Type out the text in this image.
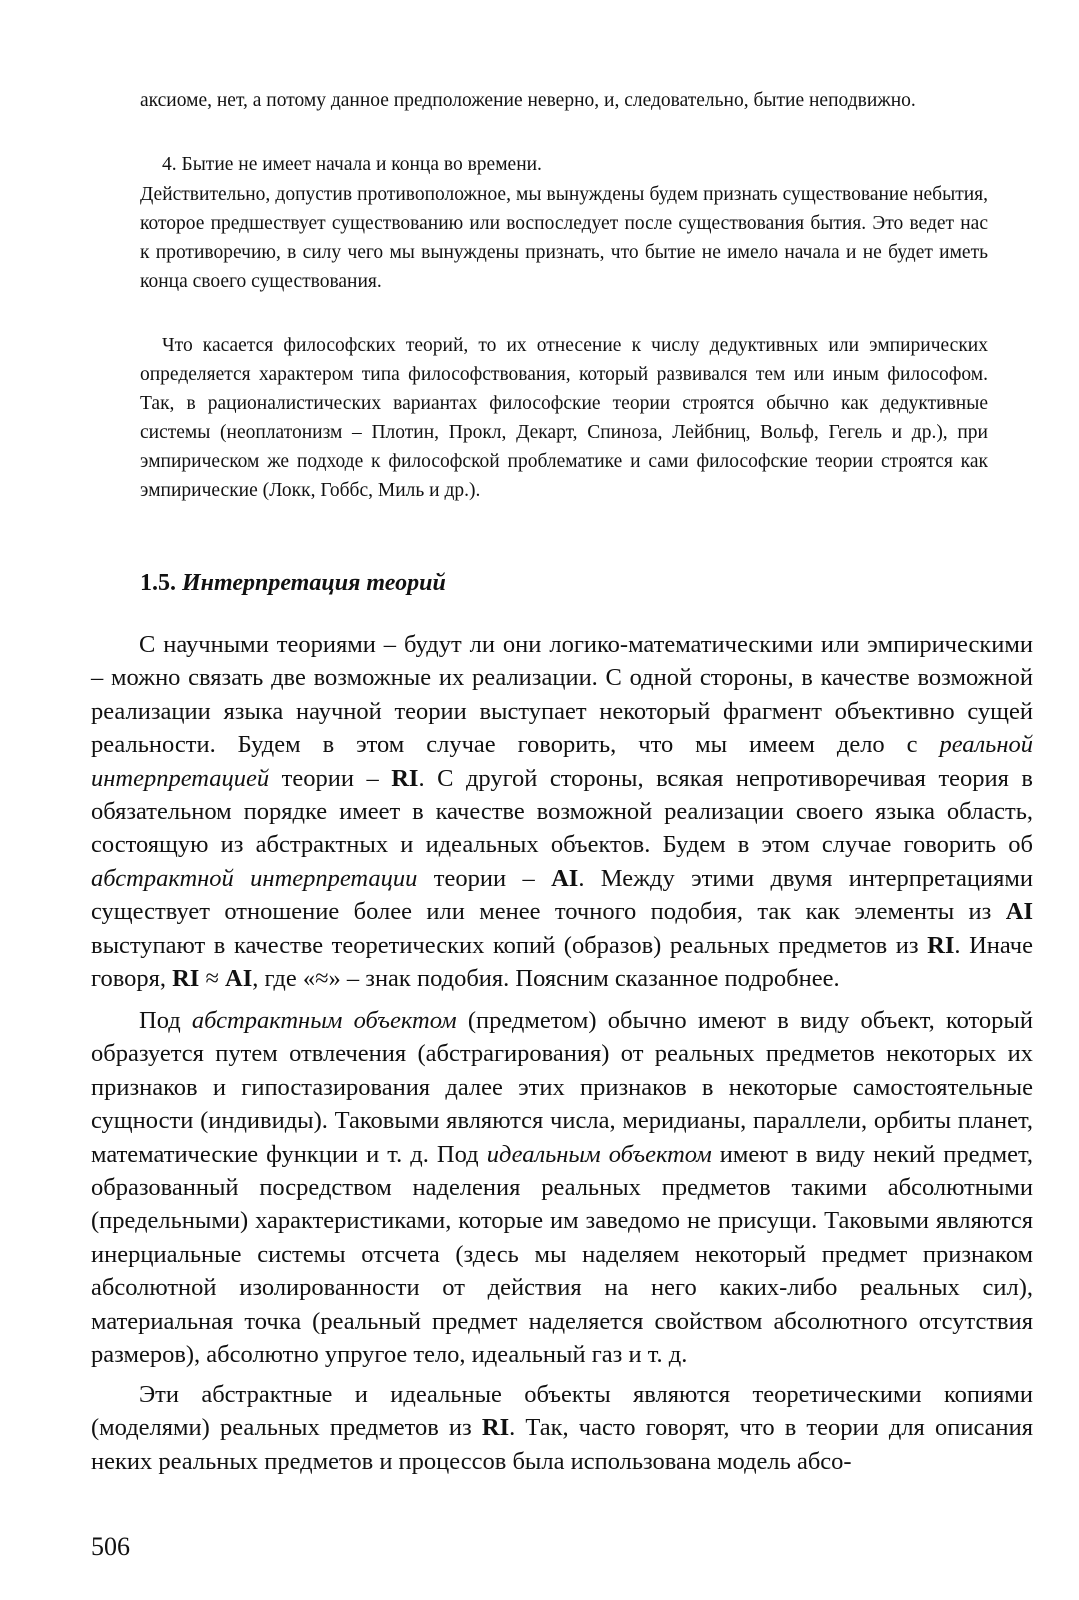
аксиоме, нет, а потому данное предположение неверно, и, следовательно, бытие неподвижно.

4. Бытие не имеет начала и конца во времени.

Действительно, допустив противоположное, мы вынуждены будем признать существование небытия, которое предшествует существованию или воспоследует после существования бытия. Это ведет нас к противоречию, в силу чего мы вынуждены признать, что бытие не имело начала и не будет иметь конца своего существования.

Что касается философских теорий, то их отнесение к числу дедуктивных или эмпирических определяется характером типа философствования, который развивался тем или иным философом. Так, в рационалистических вариантах философские теории строятся обычно как дедуктивные системы (неоплатонизм – Плотин, Прокл, Декарт, Спиноза, Лейбниц, Вольф, Гегель и др.), при эмпирическом же подходе к философской проблематике и сами философские теории строятся как эмпирические (Локк, Гоббс, Миль и др.).

1.5. Интерпретация теорий

С научными теориями – будут ли они логико-математическими или эмпирическими – можно связать две возможные их реализации. С одной стороны, в качестве возможной реализации языка научной теории выступает некоторый фрагмент объективно сущей реальности. Будем в этом случае говорить, что мы имеем дело с реальной интерпретацией теории – RI. С другой стороны, всякая непротиворечивая теория в обязательном порядке имеет в качестве возможной реализации своего языка область, состоящую из абстрактных и идеальных объектов. Будем в этом случае говорить об абстрактной интерпретации теории – AI. Между этими двумя интерпретациями существует отношение более или менее точного подобия, так как элементы из AI выступают в качестве теоретических копий (образов) реальных предметов из RI. Иначе говоря, RI ≈ AI, где «≈» – знак подобия. Поясним сказанное подробнее.

Под абстрактным объектом (предметом) обычно имеют в виду объект, который образуется путем отвлечения (абстрагирования) от реальных предметов некоторых их признаков и гипостазирования далее этих признаков в некоторые самостоятельные сущности (индивиды). Таковыми являются числа, меридианы, параллели, орбиты планет, математические функции и т. д. Под идеальным объектом имеют в виду некий предмет, образованный посредством наделения реальных предметов такими абсолютными (предельными) характеристиками, которые им заведомо не присущи. Таковыми являются инерциальные системы отсчета (здесь мы наделяем некоторый предмет признаком абсолютной изолированности от действия на него каких-либо реальных сил), материальная точка (реальный предмет наделяется свойством абсолютного отсутствия размеров), абсолютно упругое тело, идеальный газ и т. д.

Эти абстрактные и идеальные объекты являются теоретическими копиями (моделями) реальных предметов из RI. Так, часто говорят, что в теории для описания неких реальных предметов и процессов была использована модель абсо-

506
